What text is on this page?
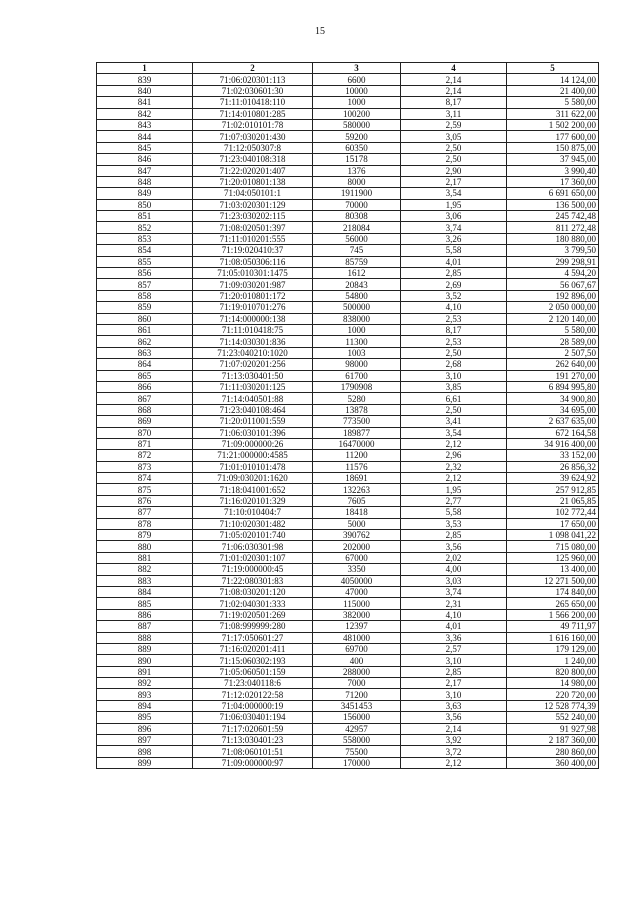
15
1	2	3	4	5
839	71:06:020301:113	6600	2,14	14 124,00
840	71:02:030601:30	10000	2,14	21 400,00
841	71:11:010418:110	1000	8,17	5 580,00
842	71:14:010801:285	100200	3,11	311 622,00
843	71:02:010101:78	580000	2,59	1 502 200,00
844	71:07:030201:430	59200	3,05	177 600,00
845	71:12:050307:8	60350	2,50	150 875,00
846	71:23:040108:318	15178	2,50	37 945,00
847	71:22:020201:407	1376	2,90	3 990,40
848	71:20:010801:138	8000	2,17	17 360,00
849	71:04:050101:1	1911900	3,54	6 691 650,00
850	71:03:020301:129	70000	1,95	136 500,00
851	71:23:030202:115	80308	3,06	245 742,48
852	71:08:020501:397	218084	3,74	811 272,48
853	71:11:010201:555	56000	3,26	180 880,00
854	71:19:020410:37	745	5,58	3 799,50
855	71:08:050306:116	85759	4,01	299 298,91
856	71:05:010301:1475	1612	2,85	4 594,20
857	71:09:030201:987	20843	2,69	56 067,67
858	71:20:010801:172	54800	3,52	192 896,00
859	71:19:010701:276	500000	4,10	2 050 000,00
860	71:14:000000:138	838000	2,53	2 120 140,00
861	71:11:010418:75	1000	8,17	5 580,00
862	71:14:030301:836	11300	2,53	28 589,00
863	71:23:040210:1020	1003	2,50	2 507,50
864	71:07:020201:256	98000	2,68	262 640,00
865	71:13:030401:50	61700	3,10	191 270,00
866	71:11:030201:125	1790908	3,85	6 894 995,80
867	71:14:040501:88	5280	6,61	34 900,80
868	71:23:040108:464	13878	2,50	34 695,00
869	71:20:011001:559	773500	3,41	2 637 635,00
870	71:06:030101:396	189877	3,54	672 164,58
871	71:09:000000:26	16470000	2,12	34 916 400,00
872	71:21:000000:4585	11200	2,96	33 152,00
873	71:01:010101:478	11576	2,32	26 856,32
874	71:09:030201:1620	18691	2,12	39 624,92
875	71:18:041001:652	132263	1,95	257 912,85
876	71:16:020101:329	7605	2,77	21 065,85
877	71:10:010404:7	18418	5,58	102 772,44
878	71:10:020301:482	5000	3,53	17 650,00
879	71:05:020101:740	390762	2,85	1 098 041,22
880	71:06:030301:98	202000	3,56	715 080,00
881	71:01:020301:107	67000	2,02	125 960,00
882	71:19:000000:45	3350	4,00	13 400,00
883	71:22:080301:83	4050000	3,03	12 271 500,00
884	71:08:030201:120	47000	3,74	174 840,00
885	71:02:040301:333	115000	2,31	265 650,00
886	71:19:020501:269	382000	4,10	1 566 200,00
887	71:08:999999:280	12397	4,01	49 711,97
888	71:17:050601:27	481000	3,36	1 616 160,00
889	71:16:020201:411	69700	2,57	179 129,00
890	71:15:060302:193	400	3,10	1 240,00
891	71:05:060501:159	288000	2,85	820 800,00
892	71:23:040118:6	7000	2,17	14 980,00
893	71:12:020122:58	71200	3,10	220 720,00
894	71:04:000000:19	3451453	3,63	12 528 774,39
895	71:06:030401:194	156000	3,56	552 240,00
896	71:17:020601:59	42957	2,14	91 927,98
897	71:13:030401:23	558000	3,92	2 187 360,00
898	71:08:060101:51	75500	3,72	280 860,00
899	71:09:000000:97	170000	2,12	360 400,00
